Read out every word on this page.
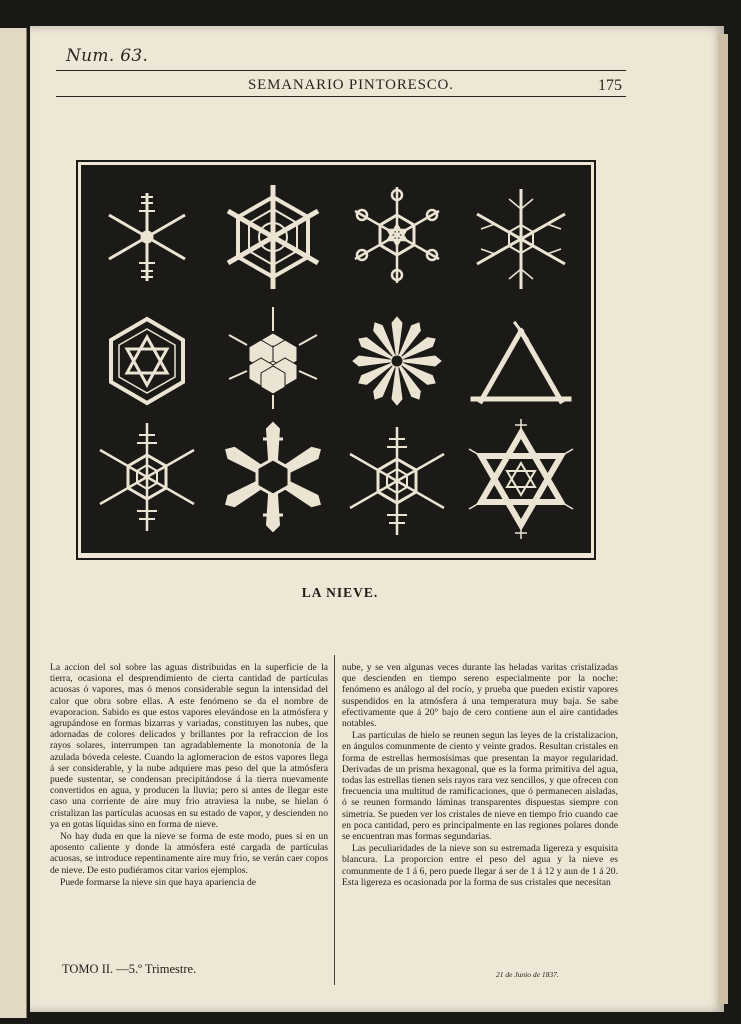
Num. 63.
SEMANARIO PINTORESCO.	175
LA NIEVE.

La accion del sol sobre las aguas distribuidas en la superficie de la tierra, ocasiona el desprendimiento de cierta cantidad de partículas acuosas ó vapores, mas ó menos considerable segun la intensidad del calor que obra sobre ellas. A este fenómeno se da el nombre de evaporacion. Sabido es que estos vapores elevándose en la atmósfera y agrupándose en formas bizarras y variadas, constituyen las nubes, que adornadas de colores delicados y brillantes por la refraccion de los rayos solares, interrumpen tan agradablemente la monotonía de la azulada bóveda celeste. Cuando la aglomeracion de estos vapores llega á ser considerable, y la nube adquiere mas peso del que la atmósfera puede sustentar, se condensan precipitándose á la tierra nuevamente convertidos en agua, y producen la lluvia; pero si antes de llegar este caso una corriente de aire muy frio atraviesa la nube, se hielan ó cristalizan las partículas acuosas en su estado de vapor, y descienden no ya en gotas líquidas sino en forma de nieve.

No hay duda en que la nieve se forma de este modo, pues si en un aposento caliente y donde la atmósfera esté cargada de partículas acuosas, se introduce repentinamente aire muy frio, se verán caer copos de nieve. De esto pudiéramos citar varios ejemplos.

Puede formarse la nieve sin que haya apariencia de

nube, y se ven algunas veces durante las heladas varitas cristalizadas que descienden en tiempo sereno especialmente por la noche: fenómeno es análogo al del rocío, y prueba que pueden existir vapores suspendidos en la atmósfera á una temperatura muy baja. Se sabe efectivamente que á 20° bajo de cero contiene aun el aire cantidades notables.

Las partículas de hielo se reunen segun las leyes de la cristalizacion, en ángulos comunmente de ciento y veinte grados. Resultan cristales en forma de estrellas hermosísimas que presentan la mayor regularidad. Derivadas de un prisma hexagonal, que es la forma primitiva del agua, todas las estrellas tienen seis rayos rara vez sencillos, y que ofrecen con frecuencia una multitud de ramificaciones, que ó permanecen aisladas, ó se reunen formando láminas transparentes dispuestas siempre con simetría. Se pueden ver los cristales de nieve en tiempo frio cuando cae en poca cantidad, pero es principalmente en las regiones polares donde se encuentran mas formas segundarias.

Las peculiaridades de la nieve son su estremada ligereza y esquisita blancura. La proporcion entre el peso del agua y la nieve es comunmente de 1 á 6, pero puede llegar á ser de 1 á 12 y aun de 1 á 20. Esta ligereza es ocasionada por la forma de sus cristales que necesitan

TOMO II. —5.º Trimestre.	21 de Junio de 1837.
